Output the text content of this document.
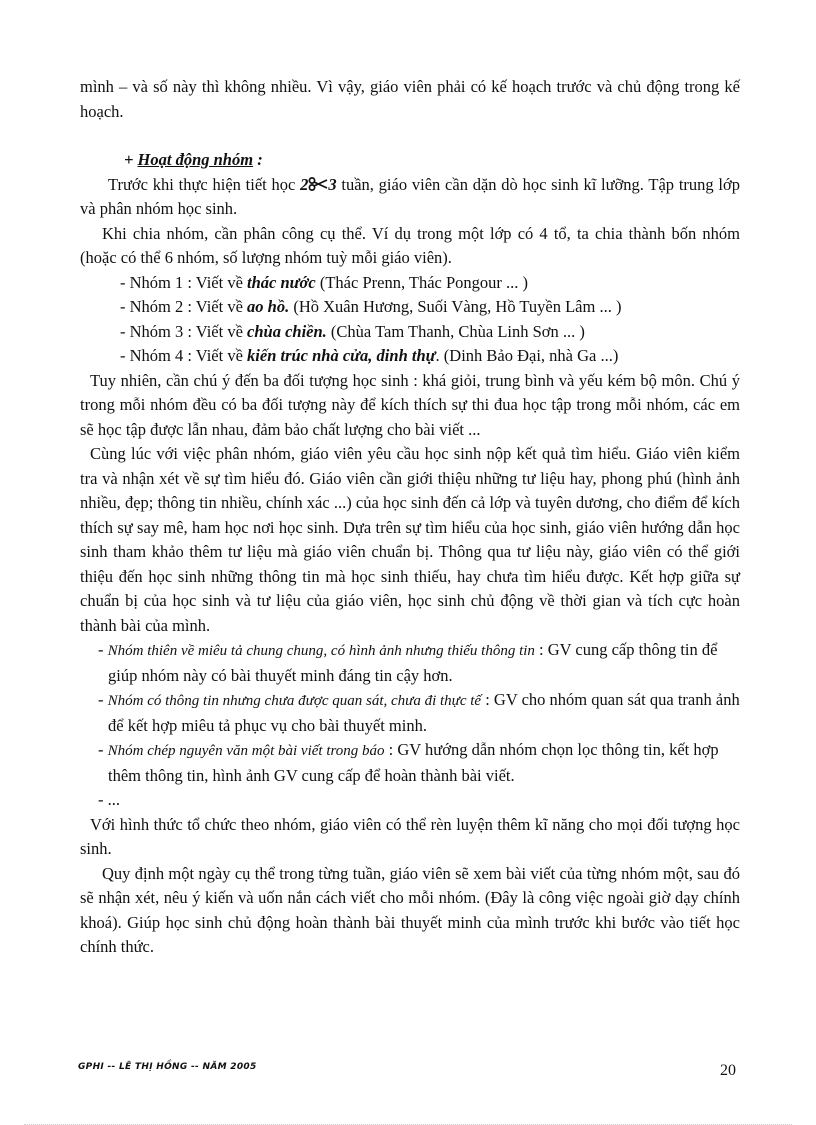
mình – và số này thì không nhiều. Vì vậy, giáo viên phải có kế hoạch trước và chủ động trong kế hoạch.

+ Hoạt động nhóm :

Trước khi thực hiện tiết học 2 3 tuần, giáo viên cần dặn dò học sinh kĩ lưỡng. Tập trung lớp và phân nhóm học sinh.

Khi chia nhóm, cần phân công cụ thể. Ví dụ trong một lớp có 4 tổ, ta chia thành bốn nhóm (hoặc có thể 6 nhóm, số lượng nhóm tuỳ mỗi giáo viên).

- Nhóm 1 : Viết về thác nước (Thác Prenn, Thác Pongour ... )

- Nhóm 2 : Viết về ao hồ. (Hồ Xuân Hương, Suối Vàng, Hồ Tuyền Lâm ... )

- Nhóm 3 : Viết về chùa chiền. (Chùa Tam Thanh, Chùa Linh Sơn ... )

- Nhóm 4 : Viết về kiến trúc nhà cửa, dinh thự. (Dinh Bảo Đại, nhà Ga ...)

Tuy nhiên, cần chú ý đến ba đối tượng học sinh : khá giỏi, trung bình và yếu kém bộ môn. Chú ý trong mỗi nhóm đều có ba đối tượng này để kích thích sự thi đua học tập trong mỗi nhóm, các em sẽ học tập được lẫn nhau, đảm bảo chất lượng cho bài viết ...

Cùng lúc với việc phân nhóm, giáo viên yêu cầu học sinh nộp kết quả tìm hiểu. Giáo viên kiểm tra và nhận xét về sự tìm hiểu đó. Giáo viên cần giới thiệu những tư liệu hay, phong phú (hình ảnh nhiều, đẹp; thông tin nhiều, chính xác ...) của học sinh đến cả lớp và tuyên dương, cho điểm để kích thích sự say mê, ham học nơi học sinh. Dựa trên sự tìm hiểu của học sinh, giáo viên hướng dẫn học sinh tham khảo thêm tư liệu mà giáo viên chuẩn bị. Thông qua tư liệu này, giáo viên có thể giới thiệu đến học sinh những thông tin mà học sinh thiếu, hay chưa tìm hiểu được. Kết hợp giữa sự chuẩn bị của học sinh và tư liệu của giáo viên, học sinh chủ động về thời gian và tích cực hoàn thành bài của mình.

- Nhóm thiên về miêu tả chung chung, có hình ảnh nhưng thiếu thông tin : GV cung cấp thông tin để giúp nhóm này có bài thuyết minh đáng tin cậy hơn.

- Nhóm có thông tin nhưng chưa được quan sát, chưa đi thực tế : GV cho nhóm quan sát qua tranh ảnh để kết hợp miêu tả phục vụ cho bài thuyết minh.

- Nhóm chép nguyên văn một bài viết trong báo : GV hướng dẫn nhóm chọn lọc thông tin, kết hợp thêm thông tin, hình ảnh GV cung cấp để hoàn thành bài viết.

- ...

Với hình thức tổ chức theo nhóm, giáo viên có thể rèn luyện thêm kĩ năng cho mọi đối tượng học sinh.

Quy định một ngày cụ thể trong từng tuần, giáo viên sẽ xem bài viết của từng nhóm một, sau đó sẽ nhận xét, nêu ý kiến và uốn nắn cách viết cho mỗi nhóm. (Đây là công việc ngoài giờ dạy chính khoá). Giúp học sinh chủ động hoàn thành bài thuyết minh của mình trước khi bước vào tiết học chính thức.

GPHI -- LÊ THỊ HỒNG -- NĂM 2005	20
